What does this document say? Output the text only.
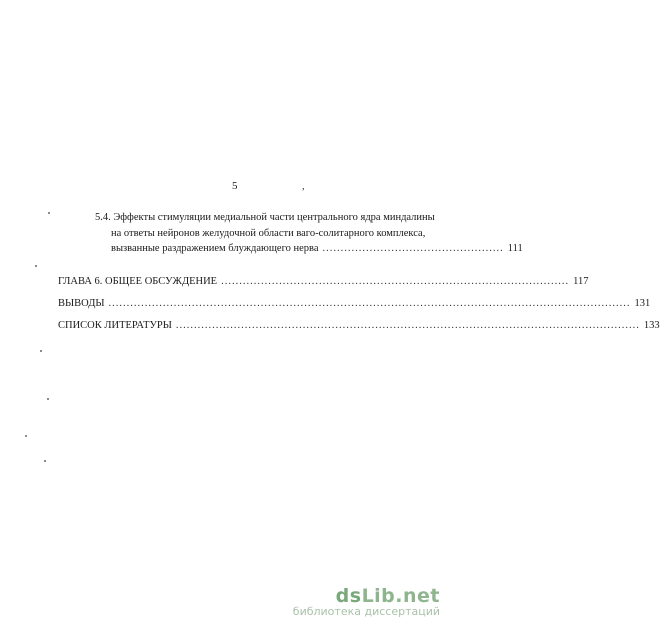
5	,
5.4. Эффекты стимуляции медиальной части центрального ядра миндалины
на ответы нейронов желудочной области ваго-солитарного комплекса,
вызванные раздражением блуждающего нерва .................................................. 111
ГЛАВА 6. ОБЩЕЕ ОБСУЖДЕНИЕ ................................................................................................ 117
ВЫВОДЫ ................................................................................................................................................ 131
СПИСОК ЛИТЕРАТУРЫ ................................................................................................................................ 133
dsLib.net
библиотека диссертаций
